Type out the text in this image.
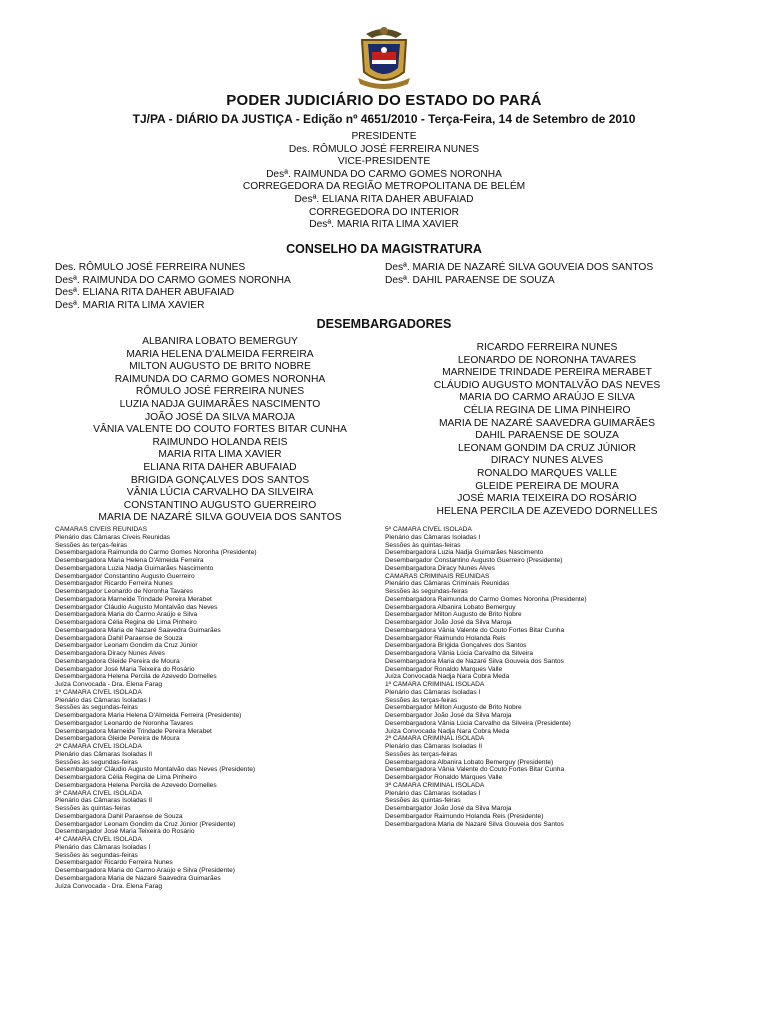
PODER JUDICIÁRIO DO ESTADO DO PARÁ
TJ/PA - DIÁRIO DA JUSTIÇA - Edição nº 4651/2010 - Terça-Feira, 14 de Setembro de 2010
PRESIDENTE
Des. RÔMULO JOSÉ FERREIRA NUNES
VICE-PRESIDENTE
Desª. RAIMUNDA DO CARMO GOMES NORONHA
CORREGEDORA DA REGIÃO METROPOLITANA DE BELÉM
Desª. ELIANA RITA DAHER ABUFAIAD
CORREGEDORA DO INTERIOR
Desª. MARIA RITA LIMA XAVIER
CONSELHO DA MAGISTRATURA
Des. RÔMULO JOSÉ FERREIRA NUNES
Desª. RAIMUNDA DO CARMO GOMES NORONHA
Desª. ELIANA RITA DAHER ABUFAIAD
Desª. MARIA RITA LIMA XAVIER
Desª. MARIA DE NAZARÉ SILVA GOUVEIA DOS SANTOS
Desª. DAHIL PARAENSE DE SOUZA
DESEMBARGADORES
ALBANIRA LOBATO BEMERGUY
MARIA HELENA D'ALMEIDA FERREIRA
MILTON AUGUSTO DE BRITO NOBRE
RAIMUNDA DO CARMO GOMES NORONHA
RÔMULO JOSÉ FERREIRA NUNES
LUZIA NADJA GUIMARÃES NASCIMENTO
JOÃO JOSÉ DA SILVA MAROJA
VÂNIA VALENTE DO COUTO FORTES BITAR CUNHA
RAIMUNDO HOLANDA REIS
MARIA RITA LIMA XAVIER
ELIANA RITA DAHER ABUFAIAD
BRIGIDA GONÇALVES DOS SANTOS
VÂNIA LÚCIA CARVALHO DA SILVEIRA
CONSTANTINO AUGUSTO GUERREIRO
MARIA DE NAZARÉ SILVA GOUVEIA DOS SANTOS
RICARDO FERREIRA NUNES
LEONARDO DE NORONHA TAVARES
MARNEIDE TRINDADE PEREIRA MERABET
CLÁUDIO AUGUSTO MONTALVÃO DAS NEVES
MARIA DO CARMO ARAÚJO E SILVA
CÉLIA REGINA DE LIMA PINHEIRO
MARIA DE NAZARÉ SAAVEDRA GUIMARÃES
DAHIL PARAENSE DE SOUZA
LEONAM GONDIM DA CRUZ JÚNIOR
DIRACY NUNES ALVES
RONALDO MARQUES VALLE
GLEIDE PEREIRA DE MOURA
JOSÉ MARIA TEIXEIRA DO ROSÁRIO
HELENA PERCILA DE AZEVEDO DORNELLES
CÂMARAS CÍVEIS REUNIDAS
Plenário das Câmaras Cíveis Reunidas
Sessões às terças-feiras
Desembargadora Raimunda do Carmo Gomes Noronha (Presidente)
Desembargadora Maria Helena D'Almeida Ferreira
Desembargadora Luzia Nadja Guimarães Nascimento
Desembargador Constantino Augusto Guerreiro
Desembargador Ricardo Ferreira Nunes
Desembargador Leonardo de Noronha Tavares
Desembargadora Marneide Trindade Pereira Merabet
Desembargador Cláudio Augusto Montalvão das Neves
Desembargadora Maria do Carmo Araújo e Silva
Desembargadora Célia Regina de Lima Pinheiro
Desembargadora Maria de Nazaré Saavedra Guimarães
Desembargadora Dahil Paraense de Souza
Desembargador Leonam Gondim da Cruz Júnior
Desembargadora Diracy Nunes Alves
Desembargadora Gleide Pereira de Moura
Desembargador José Maria Teixeira do Rosário
Desembargadora Helena Percila de Azevedo Dornelles
Juíza Convocada - Dra. Elena Farag
1ª CÂMARA CÍVEL ISOLADA
Plenário das Câmaras Isoladas I
Sessões às segundas-feiras
Desembargadora Maria Helena D'Almeida Ferreira (Presidente)
Desembargador Leonardo de Noronha Tavares
Desembargadora Marneide Trindade Pereira Merabet
Desembargadora Gleide Pereira de Moura
2ª CÂMARA CÍVEL ISOLADA
Plenário das Câmaras Isoladas II
Sessões às segundas-feiras
Desembargador Cláudio Augusto Montalvão das Neves (Presidente)
Desembargadora Célia Regina de Lima Pinheiro
Desembargadora Helena Percila de Azevedo Dornelles
3ª CÂMARA CÍVEL ISOLADA
Plenário das Câmaras Isoladas II
Sessões às quintas-feiras
Desembargadora Dahil Paraense de Souza
Desembargador Leonam Gondim da Cruz Júnior (Presidente)
Desembargador José Maria Teixeira do Rosário
4ª CÂMARA CÍVEL ISOLADA
Plenário das Câmaras Isoladas I
Sessões às segundas-feiras
Desembargador Ricardo Ferreira Nunes
Desembargadora Maria do Carmo Araújo e Silva (Presidente)
Desembargadora Maria de Nazaré Saavedra Guimarães
Juíza Convocada - Dra. Elena Farag
5ª CÂMARA CÍVEL ISOLADA
Plenário das Câmaras Isoladas I
Sessões às quintas-feiras
Desembargadora Luzia Nadja Guimarães Nascimento
Desembargador Constantino Augusto Guerreiro (Presidente)
Desembargadora Diracy Nunes Alves
CÂMARAS CRIMINAIS REUNIDAS
Plenário das Câmaras Criminais Reunidas
Sessões às segundas-feiras
Desembargadora Raimunda do Carmo Gomes Noronha (Presidente)
Desembargadora Albanira Lobato Bemerguy
Desembargador Milton Augusto de Brito Nobre
Desembargador João José da Silva Maroja
Desembargadora Vânia Valente do Couto Fortes Bitar Cunha
Desembargador Raimundo Holanda Reis
Desembargadora Brígida Gonçalves dos Santos
Desembargadora Vânia Lúcia Carvalho da Silveira
Desembargadora Maria de Nazaré Silva Gouveia dos Santos
Desembargador Ronaldo Marques Valle
Juíza Convocada Nadja Nara Cobra Meda
1ª CÂMARA CRIMINAL ISOLADA
Plenário das Câmaras Isoladas I
Sessões às terças-feiras
Desembargador Milton Augusto de Brito Nobre
Desembargador João José da Silva Maroja
Desembargadora Vânia Lúcia Carvalho da Silveira (Presidente)
Juíza Convocada Nadja Nara Cobra Meda
2ª CÂMARA CRIMINAL ISOLADA
Plenário das Câmaras Isoladas II
Sessões às terças-feiras
Desembargadora Albanira Lobato Bemerguy (Presidente)
Desembargadora Vânia Valente do Couto Fortes Bitar Cunha
Desembargador Ronaldo Marques Valle
3ª CÂMARA CRIMINAL ISOLADA
Plenário das Câmaras Isoladas I
Sessões às quintas-feiras
Desembargador João José da Silva Maroja
Desembargador Raimundo Holanda Reis (Presidente)
Desembargadora Maria de Nazaré Silva Gouveia dos Santos
